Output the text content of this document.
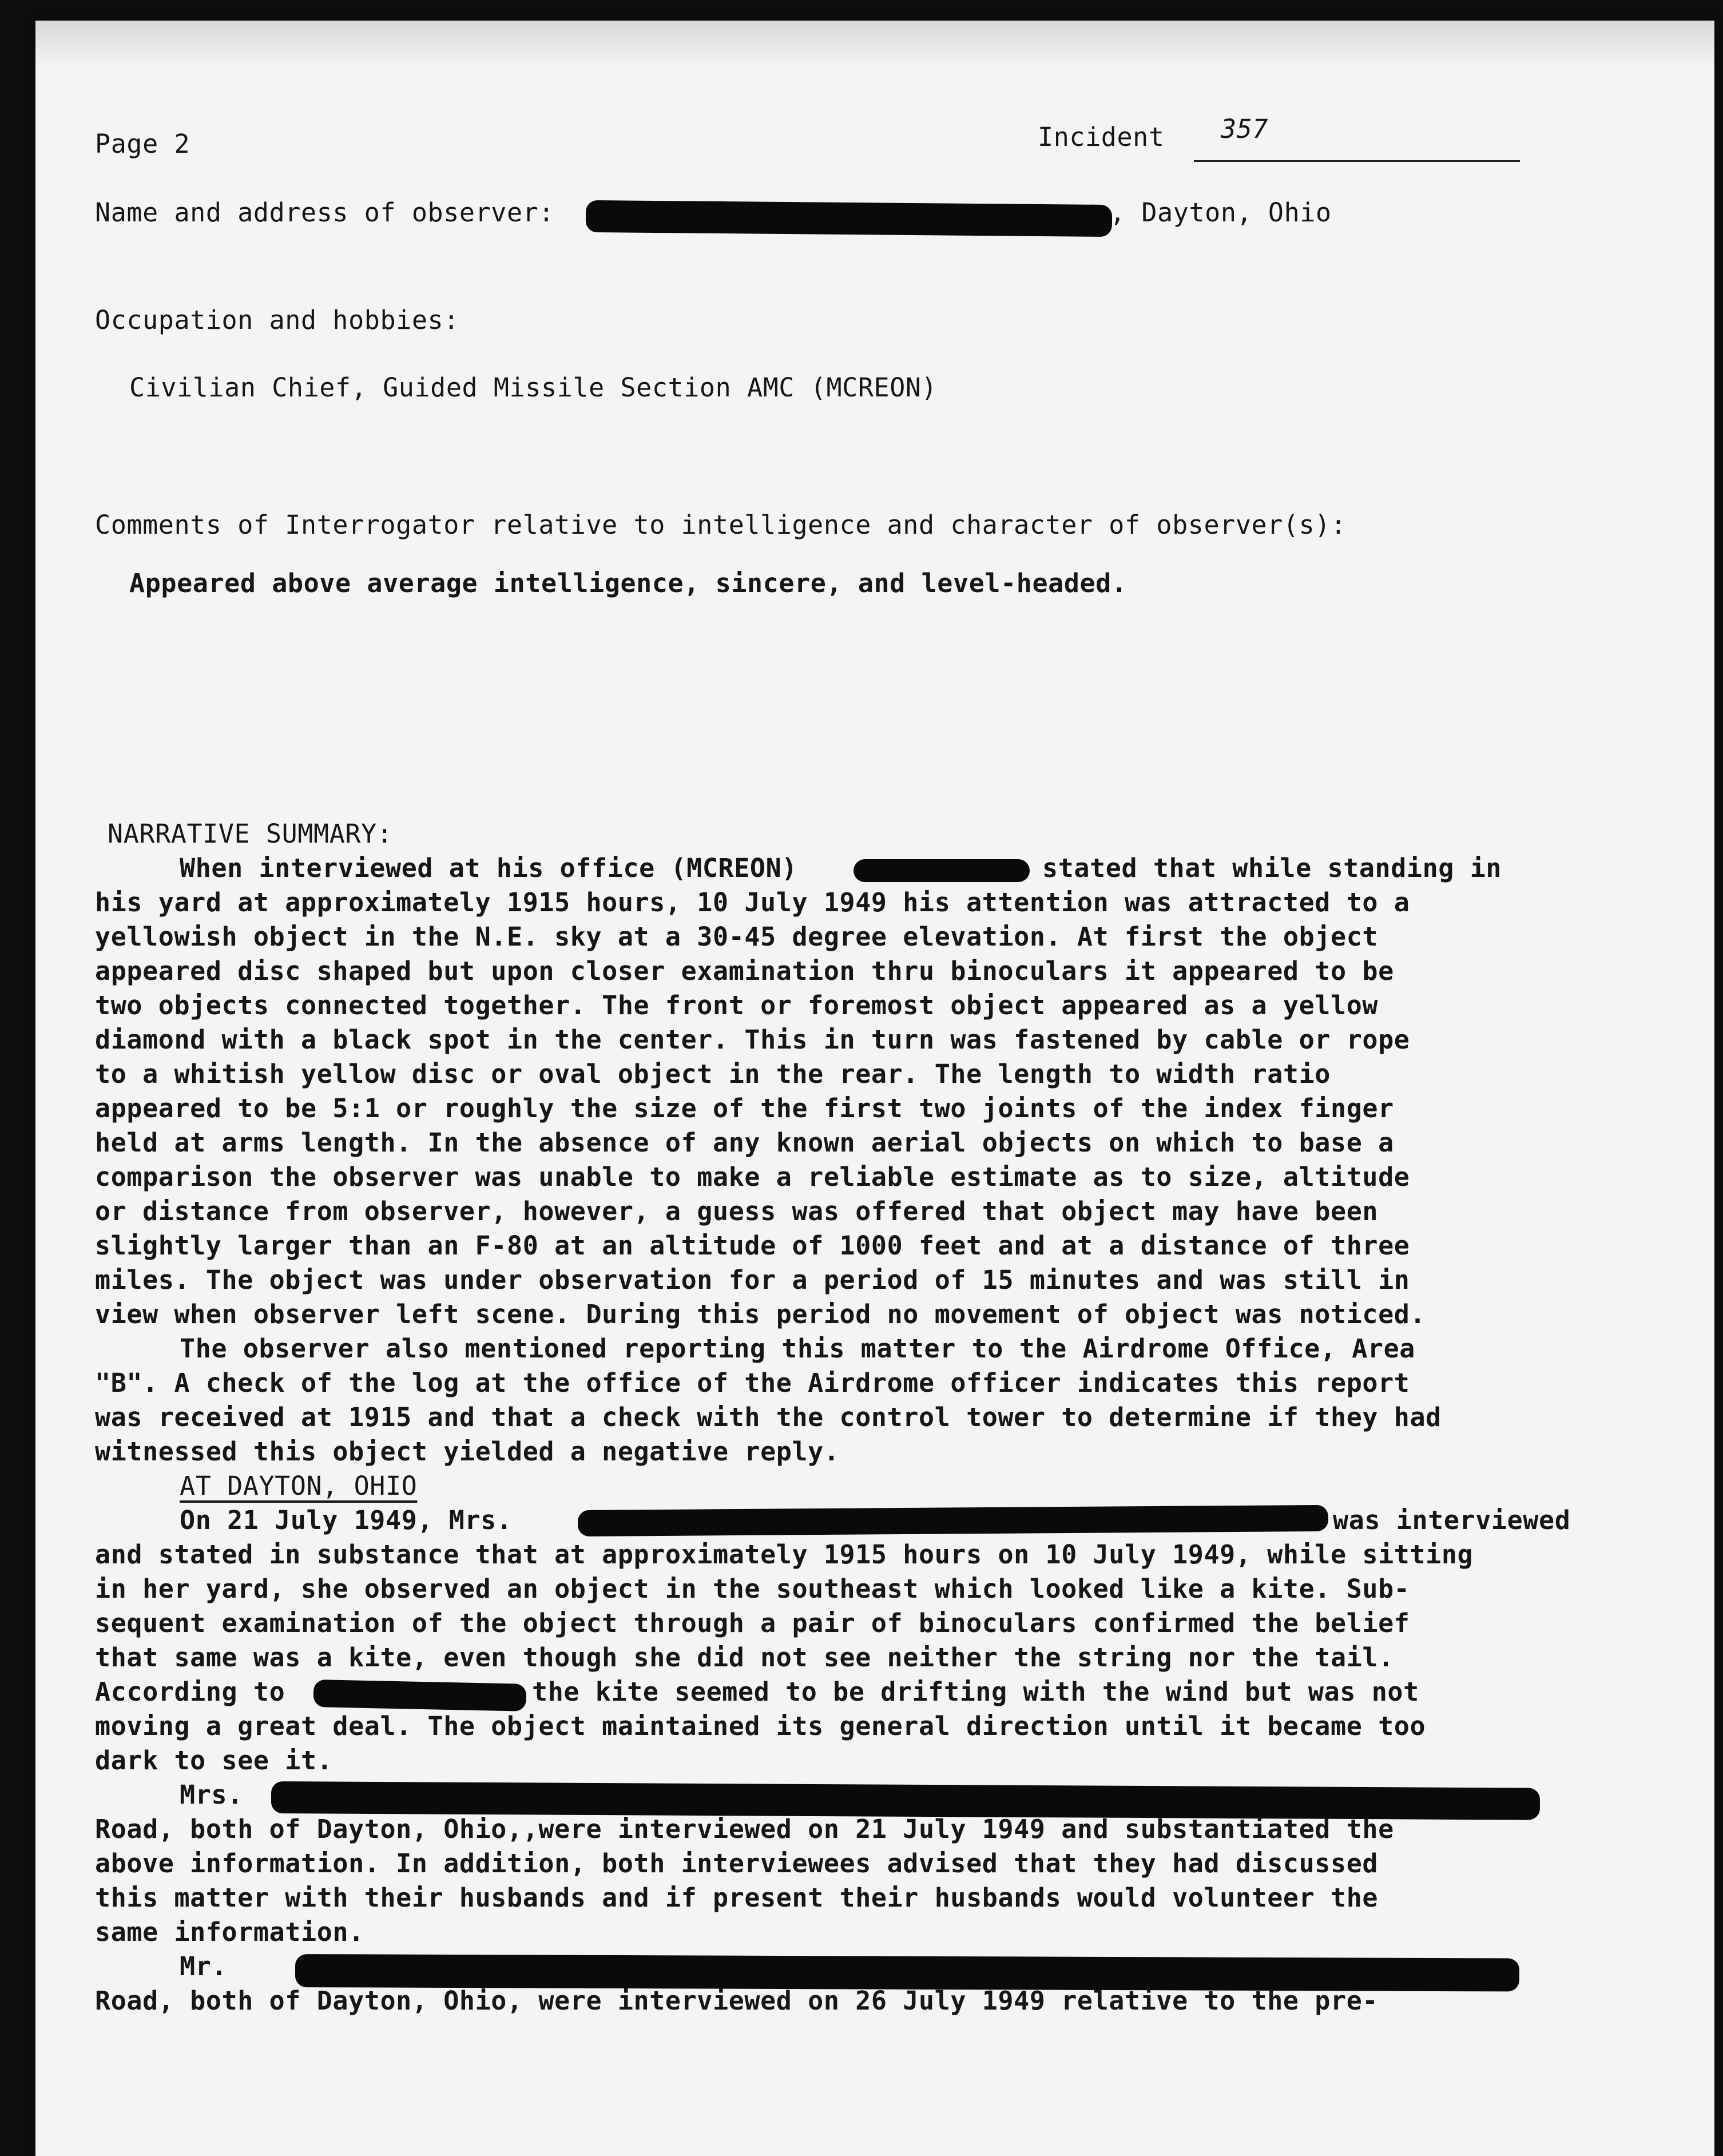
Page 2	Incident 357
Name and address of observer:	, Dayton, Ohio
Occupation and hobbies:
Civilian Chief, Guided Missile Section AMC (MCREON)
Comments of Interrogator relative to intelligence and character of observer(s):
Appeared above average intelligence, sincere, and level-headed.
NARRATIVE SUMMARY:
When interviewed at his office (MCREON)	stated that while standing in
his yard at approximately 1915 hours, 10 July 1949 his attention was attracted to a
yellowish object in the N.E. sky at a 30-45 degree elevation. At first the object
appeared disc shaped but upon closer examination thru binoculars it appeared to be
two objects connected together. The front or foremost object appeared as a yellow
diamond with a black spot in the center. This in turn was fastened by cable or rope
to a whitish yellow disc or oval object in the rear. The length to width ratio
appeared to be 5:1 or roughly the size of the first two joints of the index finger
held at arms length. In the absence of any known aerial objects on which to base a
comparison the observer was unable to make a reliable estimate as to size, altitude
or distance from observer, however, a guess was offered that object may have been
slightly larger than an F-80 at an altitude of 1000 feet and at a distance of three
miles. The object was under observation for a period of 15 minutes and was still in
view when observer left scene. During this period no movement of object was noticed.
The observer also mentioned reporting this matter to the Airdrome Office, Area
"B". A check of the log at the office of the Airdrome officer indicates this report
was received at 1915 and that a check with the control tower to determine if they had
witnessed this object yielded a negative reply.
AT DAYTON, OHIO
On 21 July 1949, Mrs.	was interviewed
and stated in substance that at approximately 1915 hours on 10 July 1949, while sitting
in her yard, she observed an object in the southeast which looked like a kite. Sub-
sequent examination of the object through a pair of binoculars confirmed the belief
that same was a kite, even though she did not see neither the string nor the tail.
According to	the kite seemed to be drifting with the wind but was not
moving a great deal. The object maintained its general direction until it became too
dark to see it.
Mrs.
Road, both of Dayton, Ohio,,were interviewed on 21 July 1949 and substantiated the
above information. In addition, both interviewees advised that they had discussed
this matter with their husbands and if present their husbands would volunteer the
same information.
Mr.
Road, both of Dayton, Ohio, were interviewed on 26 July 1949 relative to the pre-
